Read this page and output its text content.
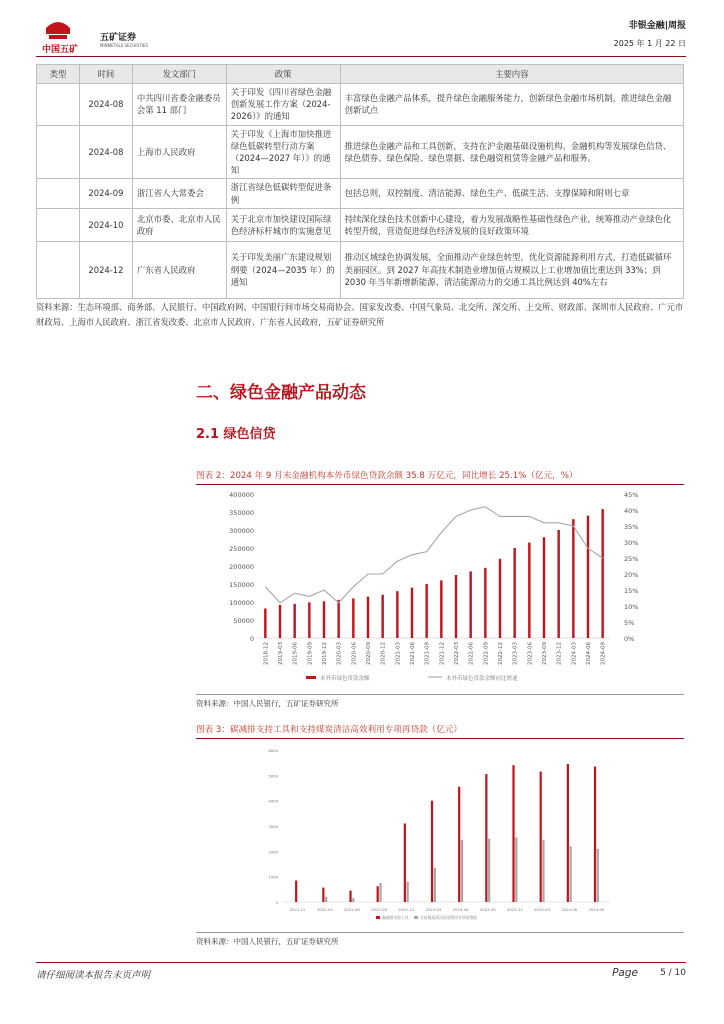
中国五矿
五矿证券
MINMETALS SECURITIES
非银金融|周报
2025 年 1 月 22 日
类型	时间	发文部门	政策	主要内容
	2024-08	中共四川省委金融委员会第 11 部门	关于印发《四川省绿色金融创新发展工作方案（2024-2026）》的通知	丰富绿色金融产品体系，提升绿色金融服务能力，创新绿色金融市场机制，推进绿色金融创新试点
	2024-08	上海市人民政府	关于印发《上海市加快推进绿色低碳转型行动方案（2024—2027 年）》的通知	推进绿色金融产品和工具创新，支持在沪金融基础设施机构、金融机构等发展绿色信贷、绿色债券、绿色保险、绿色票据、绿色融资租赁等金融产品和服务。
	2024-09	浙江省人大常委会	浙江省绿色低碳转型促进条例	包括总则，双控制度、清洁能源、绿色生产、低碳生活、支撑保障和附则七章
	2024-10	北京市委、北京市人民政府	关于北京市加快建设国际绿色经济标杆城市的实施意见	持续深化绿色技术创新中心建设，着力发展战略性基础性绿色产业，统筹推动产业绿色化转型升级，营造促进绿色经济发展的良好政策环境
	2024-12	广东省人民政府	关于印发美丽广东建设规划纲要（2024—2035 年）的通知	推动区域绿色协调发展，全面推动产业绿色转型，优化资源能源利用方式，打造低碳循环美丽园区。到 2027 年高技术制造业增加值占规模以上工业增加值比重达到 33%；到 2030 年当年新增新能源、清洁能源动力的交通工具比例达到 40%左右
资料来源：生态环境部、商务部、人民银行、中国政府网、中国银行间市场交易商协会、国家发改委、中国气象局、北交所、深交所、上交所、财政部、深圳市人民政府、广元市财政局、上海市人民政府、浙江省发改委、北京市人民政府、广东省人民政府，五矿证券研究所
二、绿色金融产品动态
2.1 绿色信贷
图表 2：2024 年 9 月末金融机构本外币绿色贷款余额 35.8 万亿元，同比增长 25.1%（亿元，%）
400000
350000
300000
250000
200000
150000
100000
50000
0
45%
40%
35%
30%
25%
20%
15%
10%
5%
0%
2018-12 2019-03 2019-06 2019-09 2019-12 2020-03 2020-06 2020-09 2020-12 2021-03 2021-06 2021-09 2021-12 2022-03 2022-06 2022-09 2022-12 2023-03 2023-06 2023-09 2023-12 2024-03 2024-06 2024-09
本外币绿色贷款余额	本外币绿色贷款余额同比增速
资料来源：中国人民银行，五矿证券研究所
图表 3：碳减排支持工具和支持煤炭清洁高效利用专项再贷款（亿元）
6000
5000
4000
3000
2000
1000
0
2021-12	2022-03	2022-06	2022-09	2022-12	2023-03	2023-06	2023-09	2023-12	2024-03	2024-06	2024-09
碳减排支持工具	支持煤炭清洁高效利用专项再贷款
资料来源：中国人民银行，五矿证券研究所
请仔细阅读本报告末页声明	Page 5 / 10
